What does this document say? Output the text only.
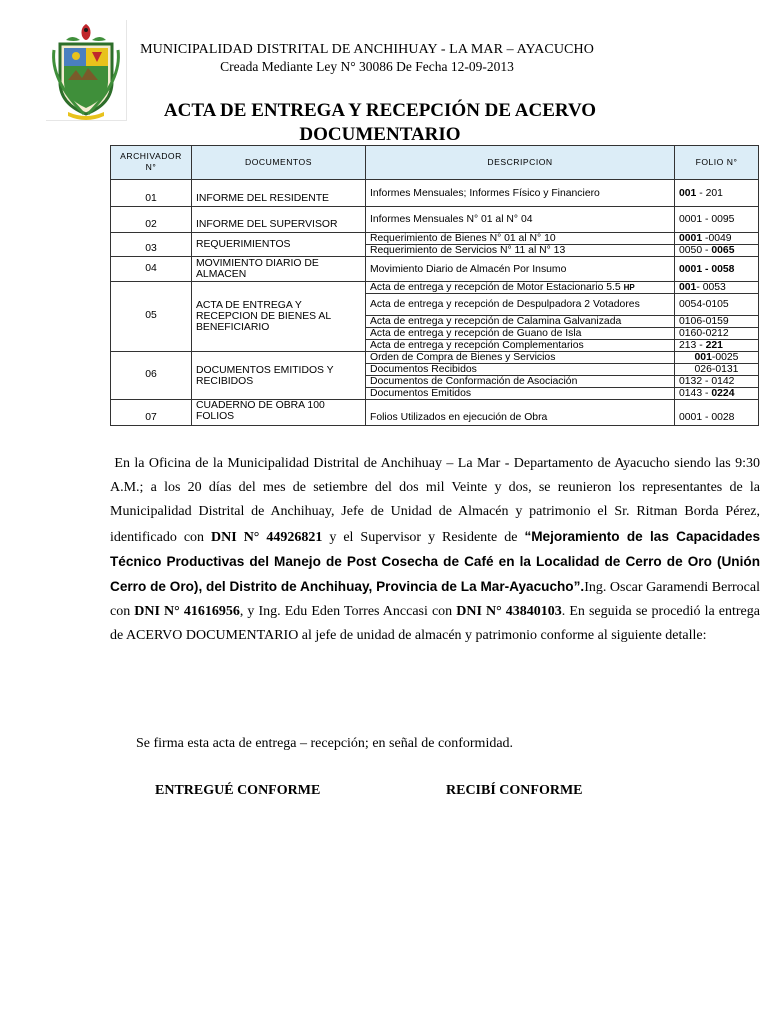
MUNICIPALIDAD DISTRITAL DE ANCHIHUAY - LA MAR – AYACUCHO
Creada Mediante Ley N° 30086 De Fecha 12-09-2013
ACTA DE ENTREGA Y RECEPCIÓN DE ACERVO DOCUMENTARIO
ARCHIVADOR N°	DOCUMENTOS	DESCRIPCION	FOLIO N°
01	INFORME DEL RESIDENTE	Informes Mensuales; Informes Físico y Financiero	001 - 201
02	INFORME DEL SUPERVISOR	Informes Mensuales N° 01 al N° 04	0001 - 0095
03	REQUERIMIENTOS	Requerimiento de Bienes N° 01 al N° 10	0001 -0049
		Requerimiento de Servicios N° 11 al N° 13	0050 - 0065
04	MOVIMIENTO DIARIO DE ALMACEN	Movimiento Diario de Almacén Por Insumo	0001 - 0058
05	ACTA DE ENTREGA Y RECEPCION DE BIENES AL BENEFICIARIO	Acta de entrega y recepción de Motor Estacionario 5.5 HP	001- 0053
		Acta de entrega y recepción de Despulpadora 2 Votadores	0054-0105
		Acta de entrega y recepción de Calamina Galvanizada	0106-0159
		Acta de entrega y recepción de Guano de Isla	0160-0212
		Acta de entrega y recepción Complementarios	213 - 221
06	DOCUMENTOS EMITIDOS Y RECIBIDOS	Orden de Compra de Bienes y Servicios	001-0025
		Documentos Recibidos	026-0131
		Documentos de Conformación de Asociación	0132 - 0142
		Documentos Emitidos	0143 - 0224
07	CUADERNO DE OBRA 100 FOLIOS	Folios Utilizados en ejecución de Obra	0001 - 0028
En la Oficina de la Municipalidad Distrital de Anchihuay – La Mar - Departamento de Ayacucho siendo las 9:30 A.M.; a los 20 días del mes de setiembre del dos mil Veinte y dos, se reunieron los representantes de la Municipalidad Distrital de Anchihuay, Jefe de Unidad de Almacén y patrimonio el Sr. Ritman Borda Pérez, identificado con DNI N° 44926821 y el Supervisor y Residente de “Mejoramiento de las Capacidades Técnico Productivas del Manejo de Post Cosecha de Café en la Localidad de Cerro de Oro (Unión Cerro de Oro), del Distrito de Anchihuay, Provincia de La Mar-Ayacucho”.Ing. Oscar Garamendi Berrocal con DNI N° 41616956, y Ing. Edu Eden Torres Anccasi con DNI N° 43840103. En seguida se procedió la entrega de ACERVO DOCUMENTARIO al jefe de unidad de almacén y patrimonio conforme al siguiente detalle:
Se firma esta acta de entrega – recepción; en señal de conformidad.
ENTREGUÉ CONFORME	RECIBÍ CONFORME
